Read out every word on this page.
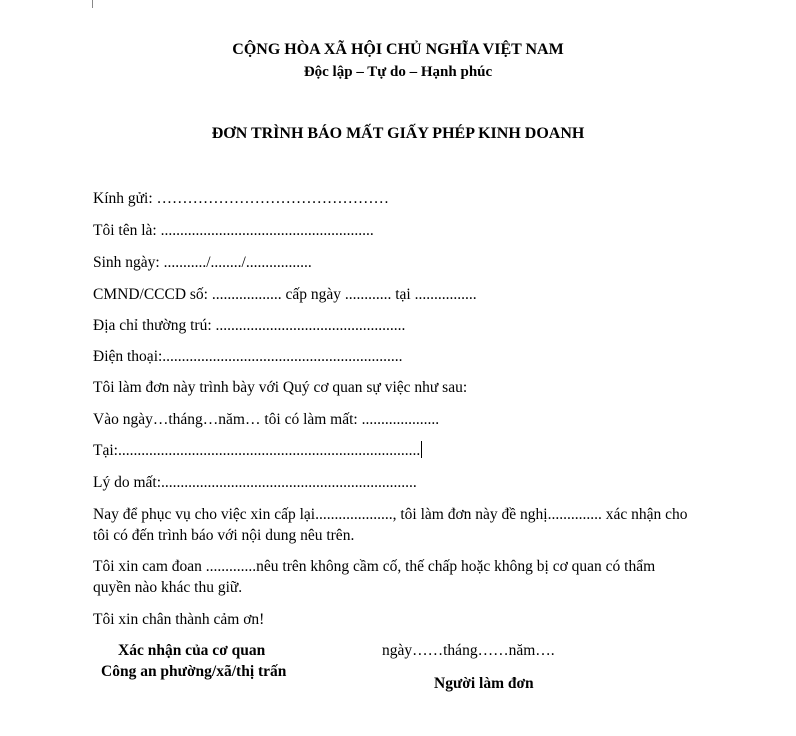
CỘNG HÒA XÃ HỘI CHỦ NGHĨA VIỆT NAM
Độc lập – Tự do – Hạnh phúc
ĐƠN TRÌNH BÁO MẤT GIẤY PHÉP KINH DOANH
Kính gửi: ………………………………………
Tôi tên là: .......................................................
Sinh ngày: .........../......../.................
CMND/CCCD số: .................. cấp ngày ............ tại ................
Địa chỉ thường trú: .................................................
Điện thoại:..............................................................
Tôi làm đơn này trình bày với Quý cơ quan sự việc như sau:
Vào ngày…tháng…năm… tôi có làm mất: ....................
Tại:..............................................................................
Lý do mất:..................................................................
Nay để phục vụ cho việc xin cấp lại...................., tôi làm đơn này đề nghị.............. xác nhận cho tôi có đến trình báo với nội dung nêu trên.
Tôi xin cam đoan .............nêu trên không cầm cố, thế chấp hoặc không bị cơ quan có thẩm quyền nào khác thu giữ.
Tôi xin chân thành cảm ơn!
Xác nhận của cơ quan
Công an phường/xã/thị trấn
ngày……tháng……năm….
Người làm đơn
